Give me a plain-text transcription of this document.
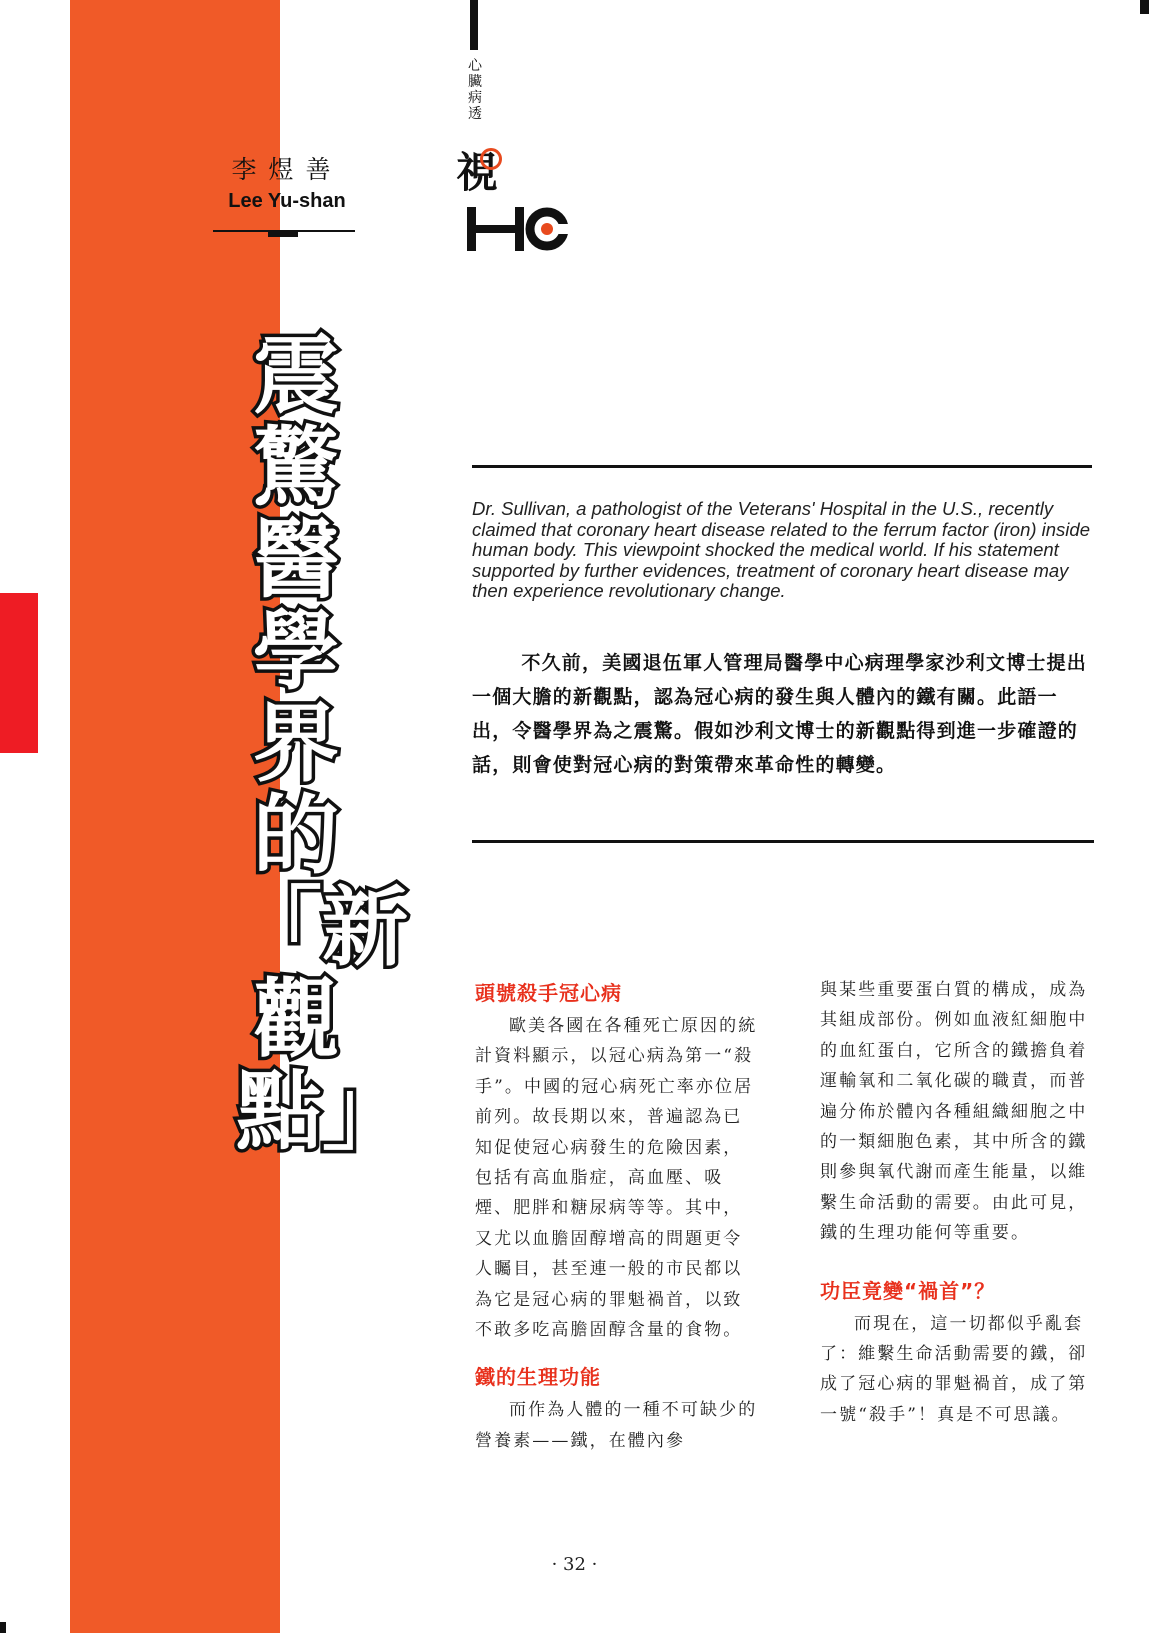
李煜善
Lee Yu-shan
心臟病透
視
震驚醫學界的「新觀點」
Dr. Sullivan, a pathologist of the Veterans' Hospital in the U.S., recently claimed that coronary heart disease related to the ferrum factor (iron) inside human body. This viewpoint shocked the medical world. If his statement supported by further evidences, treatment of coronary heart disease may then experience revolutionary change.
不久前，美國退伍軍人管理局醫學中心病理學家沙利文博士提出一個大膽的新觀點，認為冠心病的發生與人體內的鐵有關。此語一出，令醫學界為之震驚。假如沙利文博士的新觀點得到進一步確證的話，則會使對冠心病的對策帶來革命性的轉變。
頭號殺手冠心病

歐美各國在各種死亡原因的統計資料顯示，以冠心病為第一“殺手”。中國的冠心病死亡率亦位居前列。故長期以來，普遍認為已知促使冠心病發生的危險因素，包括有高血脂症，高血壓、吸煙、肥胖和糖尿病等等。其中，又尤以血膽固醇增高的問題更令人矚目，甚至連一般的市民都以為它是冠心病的罪魁禍首，以致不敢多吃高膽固醇含量的食物。

鐵的生理功能

而作為人體的一種不可缺少的營養素——鐵，在體內參

與某些重要蛋白質的構成，成為其組成部份。例如血液紅細胞中的血紅蛋白，它所含的鐵擔負着運輸氧和二氧化碳的職責，而普遍分佈於體內各種組織細胞之中的一類細胞色素，其中所含的鐵則參與氧代謝而產生能量，以維繫生命活動的需要。由此可見，鐵的生理功能何等重要。

功臣竟變“禍首”？

而現在，這一切都似乎亂套了：維繫生命活動需要的鐵，卻成了冠心病的罪魁禍首，成了第一號“殺手”！真是不可思議。

· 32 ·
